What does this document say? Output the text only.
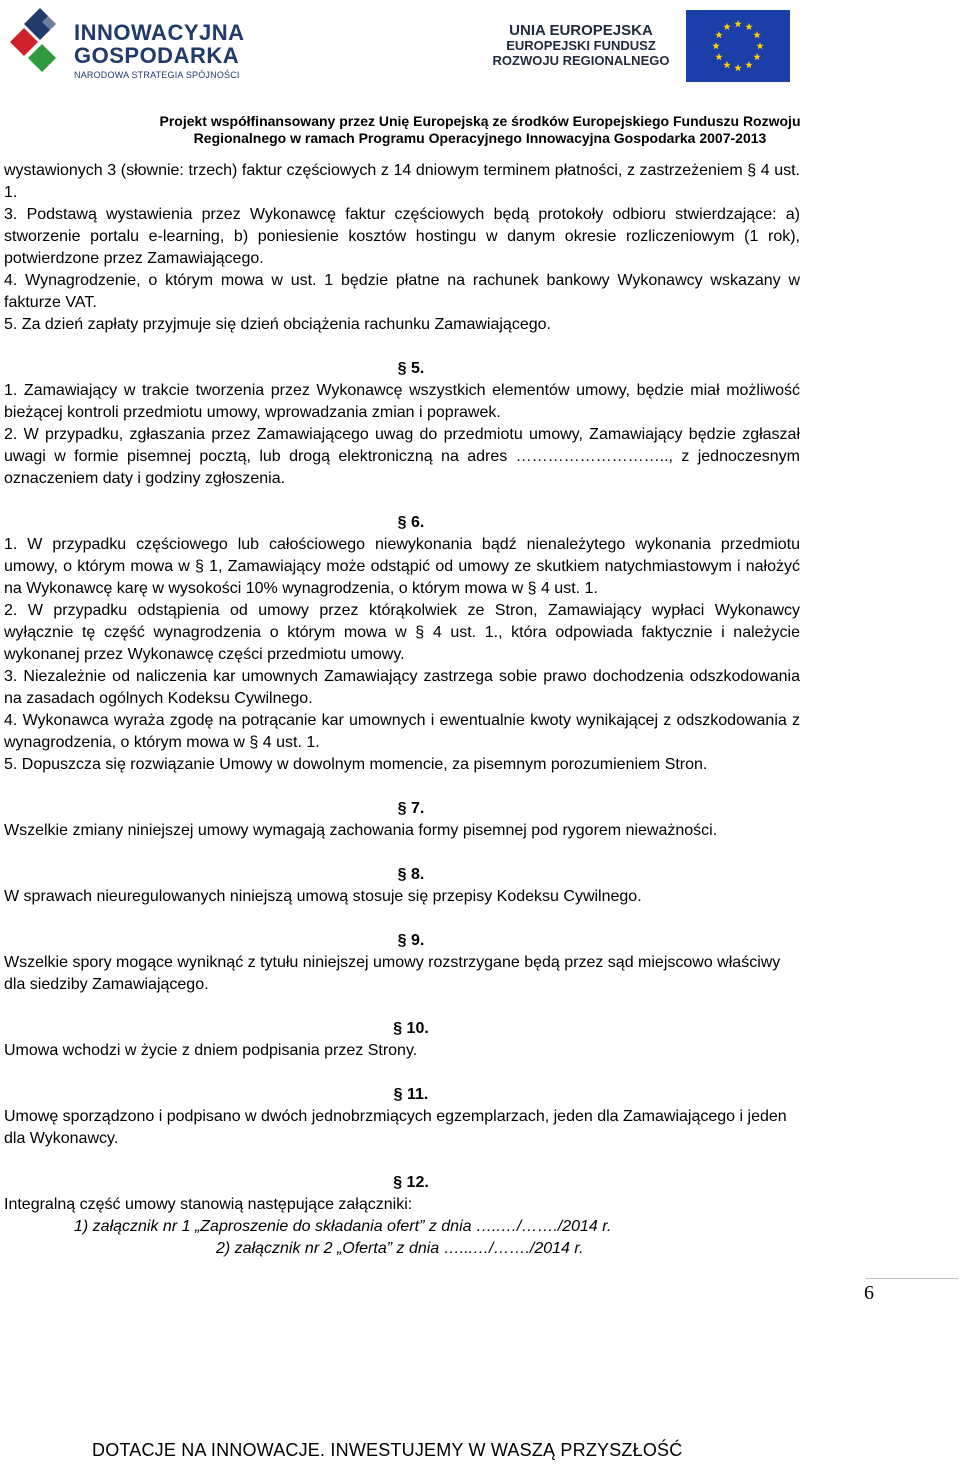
INNOWACYJNA
GOSPODARKA
NARODOWA STRATEGIA SPÓJNOŚCI
UNIA EUROPEJSKA
EUROPEJSKI FUNDUSZ
ROZWOJU REGIONALNEGO
Projekt współfinansowany przez Unię Europejską ze środków Europejskiego Funduszu Rozwoju
Regionalnego w ramach Programu Operacyjnego Innowacyjna Gospodarka 2007-2013

wystawionych 3 (słownie: trzech) faktur częściowych z 14 dniowym terminem płatności, z zastrzeżeniem § 4 ust. 1.

3. Podstawą wystawienia przez Wykonawcę faktur częściowych będą protokoły odbioru stwierdzające: a) stworzenie portalu e-learning, b) poniesienie kosztów hostingu w danym okresie rozliczeniowym (1 rok), potwierdzone przez Zamawiającego.

4. Wynagrodzenie, o którym mowa w ust. 1 będzie płatne na rachunek bankowy Wykonawcy wskazany w fakturze VAT.

5. Za dzień zapłaty przyjmuje się dzień obciążenia rachunku Zamawiającego.

§ 5.

1. Zamawiający w trakcie tworzenia przez Wykonawcę wszystkich elementów umowy, będzie miał możliwość bieżącej kontroli przedmiotu umowy, wprowadzania zmian i poprawek.

2. W przypadku, zgłaszania przez Zamawiającego uwag do przedmiotu umowy, Zamawiający będzie zgłaszał uwagi w formie pisemnej pocztą, lub drogą elektroniczną na adres ……………………….., z jednoczesnym oznaczeniem daty i godziny zgłoszenia.

§ 6.

1. W przypadku częściowego lub całościowego niewykonania bądź nienależytego wykonania przedmiotu umowy, o którym mowa w § 1, Zamawiający może odstąpić od umowy ze skutkiem natychmiastowym i nałożyć na Wykonawcę karę w wysokości 10% wynagrodzenia, o którym mowa w § 4 ust. 1.

2. W przypadku odstąpienia od umowy przez którąkolwiek ze Stron, Zamawiający wypłaci Wykonawcy wyłącznie tę część wynagrodzenia o którym mowa w § 4 ust. 1., która odpowiada faktycznie i należycie wykonanej przez Wykonawcę części przedmiotu umowy.

3. Niezależnie od naliczenia kar umownych Zamawiający zastrzega sobie prawo dochodzenia odszkodowania na zasadach ogólnych Kodeksu Cywilnego.

4. Wykonawca wyraża zgodę na potrącanie kar umownych i ewentualnie kwoty wynikającej z odszkodowania z wynagrodzenia, o którym mowa w § 4 ust. 1.

5. Dopuszcza się rozwiązanie Umowy w dowolnym momencie, za pisemnym porozumieniem Stron.

§ 7.

Wszelkie zmiany niniejszej umowy wymagają zachowania formy pisemnej pod rygorem nieważności.

§ 8.

W sprawach nieuregulowanych niniejszą umową stosuje się przepisy Kodeksu Cywilnego.

§ 9.

Wszelkie spory mogące wyniknąć z tytułu niniejszej umowy rozstrzygane będą przez sąd miejscowo właściwy dla siedziby Zamawiającego.

§ 10.

Umowa wchodzi w życie z dniem podpisania przez Strony.

§ 11.

Umowę sporządzono i podpisano w dwóch jednobrzmiących egzemplarzach, jeden dla Zamawiającego i jeden dla Wykonawcy.

§ 12.

Integralną część umowy stanowią następujące załączniki:

1) załącznik nr 1 „Zaproszenie do składania ofert” z dnia …..…/……./2014 r.

2) załącznik nr 2 „Oferta” z dnia …...…/……./2014 r.

6
DOTACJE NA INNOWACJE. INWESTUJEMY W WASZĄ PRZYSZŁOŚĆ
